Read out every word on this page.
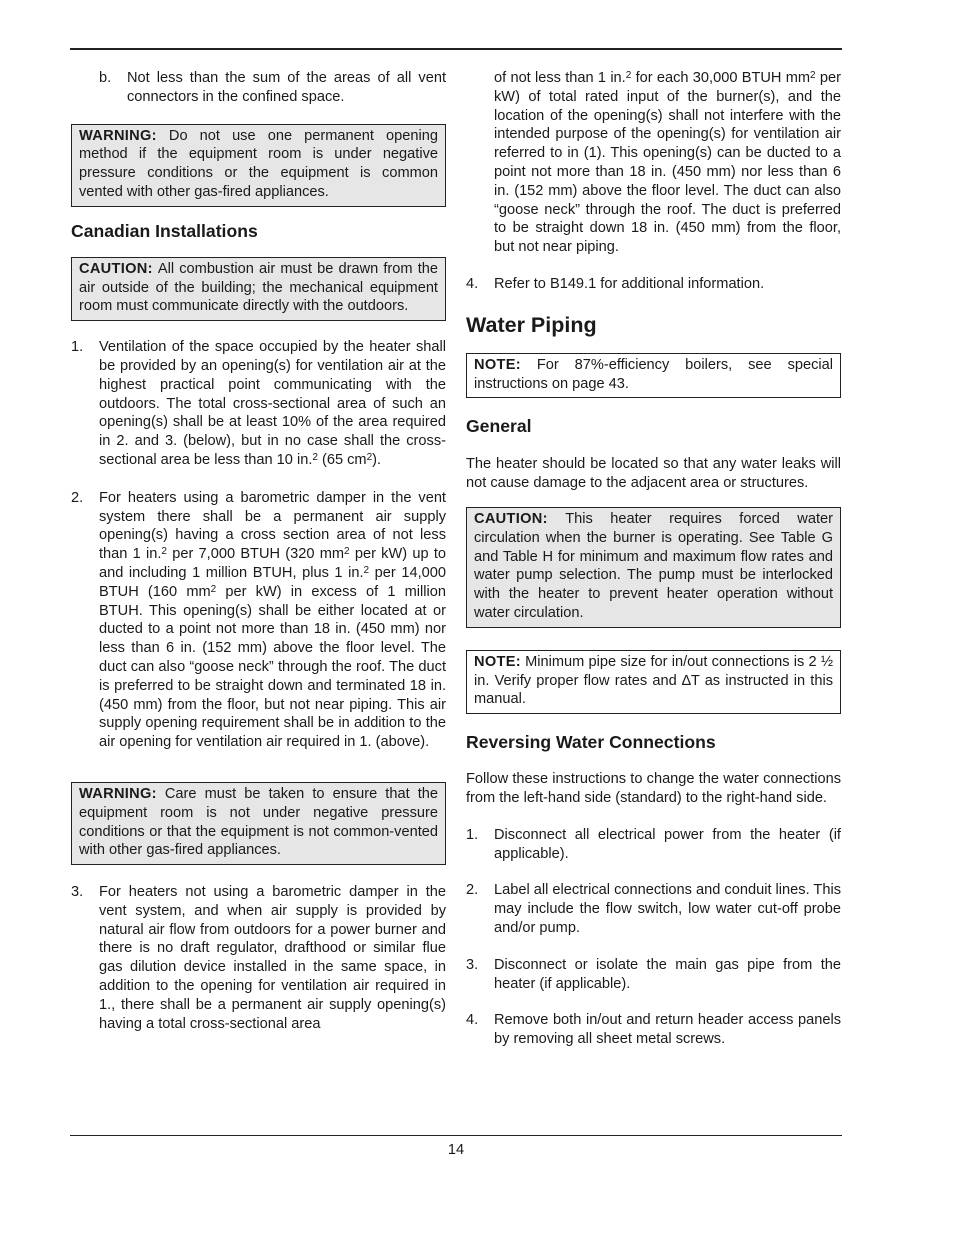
b.	Not less than the sum of the areas of all vent connectors in the confined space.
WARNING: Do not use one permanent opening method if the equipment room is under negative pressure conditions or the equipment is common vented with other gas-fired appliances.
Canadian Installations
CAUTION: All combustion air must be drawn from the air outside of the building; the mechanical equipment room must communicate directly with the outdoors.
1.	Ventilation of the space occupied by the heater shall be provided by an opening(s) for ventilation air at the highest practical point communicating with the outdoors. The total cross-sectional area of such an opening(s) shall be at least 10% of the area required in 2. and 3. (below), but in no case shall the cross-sectional area be less than 10 in.$^2$ (65 $cm^2$).
2.	For heaters using a barometric damper in the vent system there shall be a permanent air supply opening(s) having a cross section area of not less than 1 in.$^2$ per 7,000 BTUH (320 $mm^2$ per kW) up to and including 1 million BTUH, plus 1 in.$^2$ per 14,000 BTUH (160 $mm^2$ per kW) in excess of 1 million BTUH. This opening(s) shall be either located at or ducted to a point not more than 18 in. (450 mm) nor less than 6 in. (152 mm) above the floor level. The duct can also “goose neck” through the roof. The duct is preferred to be straight down and terminated 18 in. (450 mm) from the floor, but not near piping. This air supply opening requirement shall be in addition to the air opening for ventilation air required in 1. (above).
WARNING: Care must be taken to ensure that the equipment room is not under negative pressure conditions or that the equipment is not common-vented with other gas-fired appliances.
3.	For heaters not using a barometric damper in the vent system, and when air supply is provided by natural air flow from outdoors for a power burner and there is no draft regulator, drafthood or similar flue gas dilution device installed in the same space, in addition to the opening for ventilation air required in 1., there shall be a permanent air supply opening(s) having a total cross-sectional area
of not less than 1 in.$^2$ for each 30,000 BTUH $mm^2$ per kW) of total rated input of the burner(s), and the location of the opening(s) shall not interfere with the intended purpose of the opening(s) for ventilation air referred to in (1). This opening(s) can be ducted to a point not more than 18 in. (450 mm) nor less than 6 in. (152 mm) above the floor level. The duct can also “goose neck” through the roof. The duct is preferred to be straight down 18 in. (450 mm) from the floor, but not near piping.
4.	Refer to B149.1 for additional information.
Water Piping
NOTE: For 87%-efficiency boilers, see special instructions on page 43.
General

The heater should be located so that any water leaks will not cause damage to the adjacent area or structures.

CAUTION: This heater requires forced water circulation when the burner is operating. See Table G and Table H for minimum and maximum flow rates and water pump selection. The pump must be interlocked with the heater to prevent heater operation without water circulation.
NOTE: Minimum pipe size for in/out connections is 2 ½ in. Verify proper flow rates and ∆T as instructed in this manual.
Reversing Water Connections

Follow these instructions to change the water connections from the left-hand side (standard) to the right-hand side.

1.	Disconnect all electrical power from the heater (if applicable).
2.	Label all electrical connections and conduit lines. This may include the flow switch, low water cut-off probe and/or pump.
3.	Disconnect or isolate the main gas pipe from the heater (if applicable).
4.	Remove both in/out and return header access panels by removing all sheet metal screws.
14
